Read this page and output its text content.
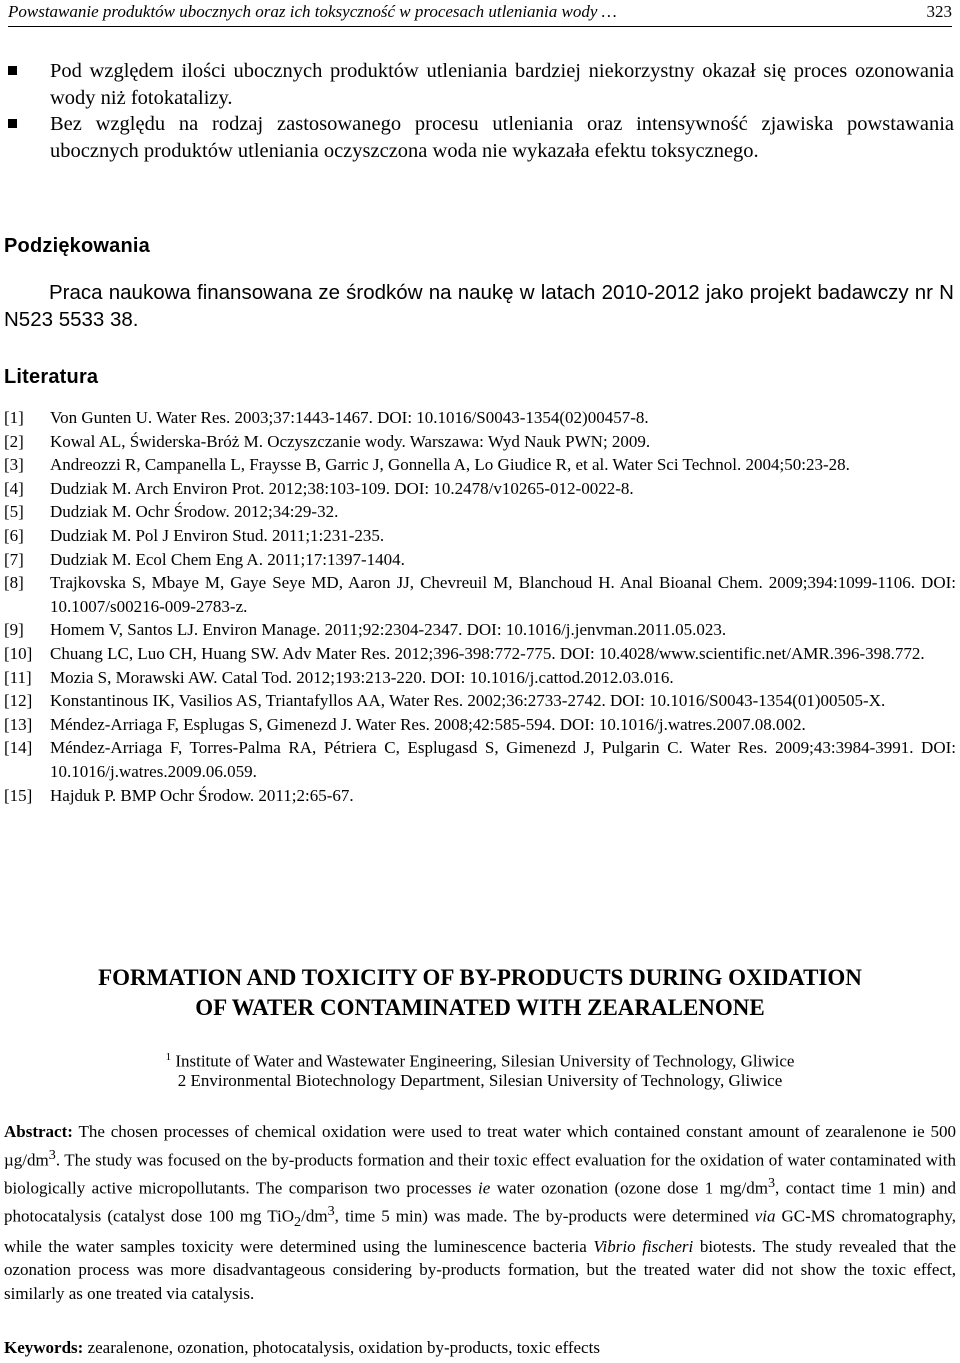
Powstawanie produktów ubocznych oraz ich toksyczność w procesach utleniania wody …	323
Pod względem ilości ubocznych produktów utleniania bardziej niekorzystny okazał się proces ozonowania wody niż fotokatalizy.
Bez względu na rodzaj zastosowanego procesu utleniania oraz intensywność zjawiska powstawania ubocznych produktów utleniania oczyszczona woda nie wykazała efektu toksycznego.
Podziękowania
Praca naukowa finansowana ze środków na naukę w latach 2010-2012 jako projekt badawczy nr N N523 5533 38.
Literatura
[1] Von Gunten U. Water Res. 2003;37:1443-1467. DOI: 10.1016/S0043-1354(02)00457-8.
[2] Kowal AL, Świderska-Bróż M. Oczyszczanie wody. Warszawa: Wyd Nauk PWN; 2009.
[3] Andreozzi R, Campanella L, Fraysse B, Garric J, Gonnella A, Lo Giudice R, et al. Water Sci Technol. 2004;50:23-28.
[4] Dudziak M. Arch Environ Prot. 2012;38:103-109. DOI: 10.2478/v10265-012-0022-8.
[5] Dudziak M. Ochr Środow. 2012;34:29-32.
[6] Dudziak M. Pol J Environ Stud. 2011;1:231-235.
[7] Dudziak M. Ecol Chem Eng A. 2011;17:1397-1404.
[8] Trajkovska S, Mbaye M, Gaye Seye MD, Aaron JJ, Chevreuil M, Blanchoud H. Anal Bioanal Chem. 2009;394:1099-1106. DOI: 10.1007/s00216-009-2783-z.
[9] Homem V, Santos LJ. Environ Manage. 2011;92:2304-2347. DOI: 10.1016/j.jenvman.2011.05.023.
[10] Chuang LC, Luo CH, Huang SW. Adv Mater Res. 2012;396-398:772-775. DOI: 10.4028/www.scientific.net/AMR.396-398.772.
[11] Mozia S, Morawski AW. Catal Tod. 2012;193:213-220. DOI: 10.1016/j.cattod.2012.03.016.
[12] Konstantinous IK, Vasilios AS, Triantafyllos AA, Water Res. 2002;36:2733-2742. DOI: 10.1016/S0043-1354(01)00505-X.
[13] Méndez-Arriaga F, Esplugas S, Gimenezd J. Water Res. 2008;42:585-594. DOI: 10.1016/j.watres.2007.08.002.
[14] Méndez-Arriaga F, Torres-Palma RA, Pétriera C, Esplugasd S, Gimenezd J, Pulgarin C. Water Res. 2009;43:3984-3991. DOI: 10.1016/j.watres.2009.06.059.
[15] Hajduk P. BMP Ochr Środow. 2011;2:65-67.
FORMATION AND TOXICITY OF BY-PRODUCTS DURING OXIDATION
OF WATER CONTAMINATED WITH ZEARALENONE
$^1$ Institute of Water and Wastewater Engineering, Silesian University of Technology, Gliwice
2 Environmental Biotechnology Department, Silesian University of Technology, Gliwice
Abstract: The chosen processes of chemical oxidation were used to treat water which contained constant amount of zearalenone ie 500 $\mu g/dm^3$. The study was focused on the by-products formation and their toxic effect evaluation for the oxidation of water contaminated with biologically active micropollutants. The comparison two processes ie water ozonation (ozone dose 1 $mg/dm^3$, contact time 1 min) and photocatalysis (catalyst dose 100 mg $TiO_2/dm^3$, time 5 min) was made. The by-products were determined via GC-MS chromatography, while the water samples toxicity were determined using the luminescence bacteria Vibrio fischeri biotests. The study revealed that the ozonation process was more disadvantageous considering by-products formation, but the treated water did not show the toxic effect, similarly as one treated via catalysis.
Keywords: zearalenone, ozonation, photocatalysis, oxidation by-products, toxic effects
